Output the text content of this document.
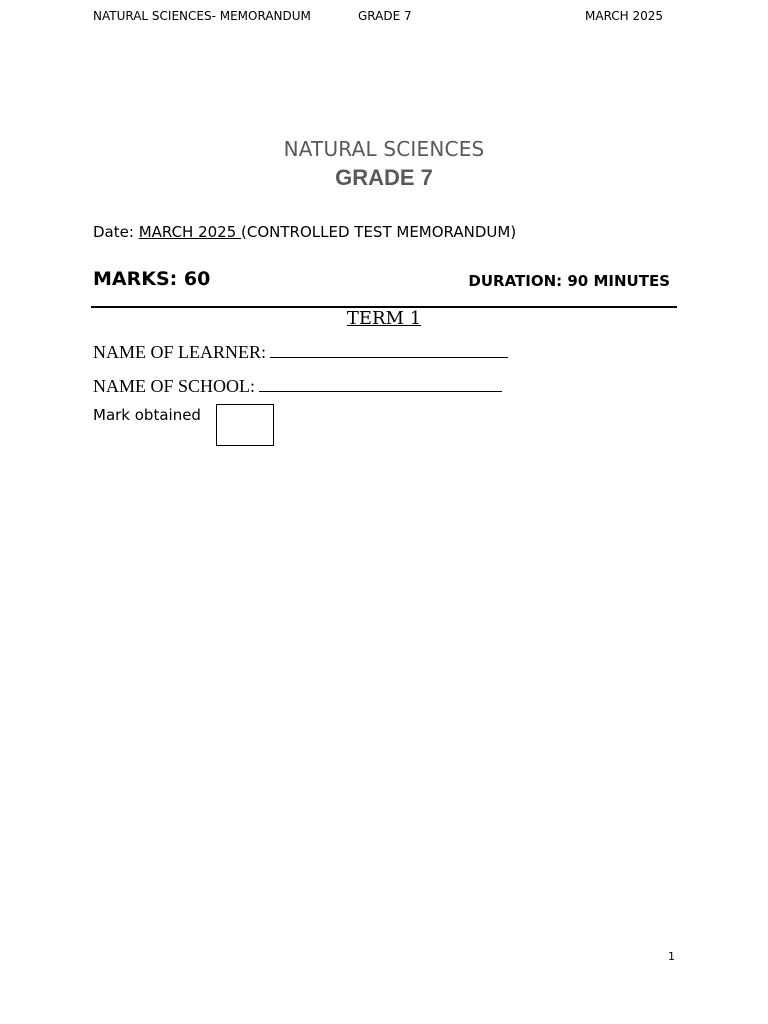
NATURAL SCIENCES- MEMORANDUM	GRADE 7	MARCH 2025
NATURAL SCIENCES
GRADE 7
Date: MARCH 2025 (CONTROLLED TEST MEMORANDUM)
MARKS: 60	DURATION: 90 MINUTES
TERM 1
NAME OF LEARNER:
NAME OF SCHOOL:
Mark obtained
1
